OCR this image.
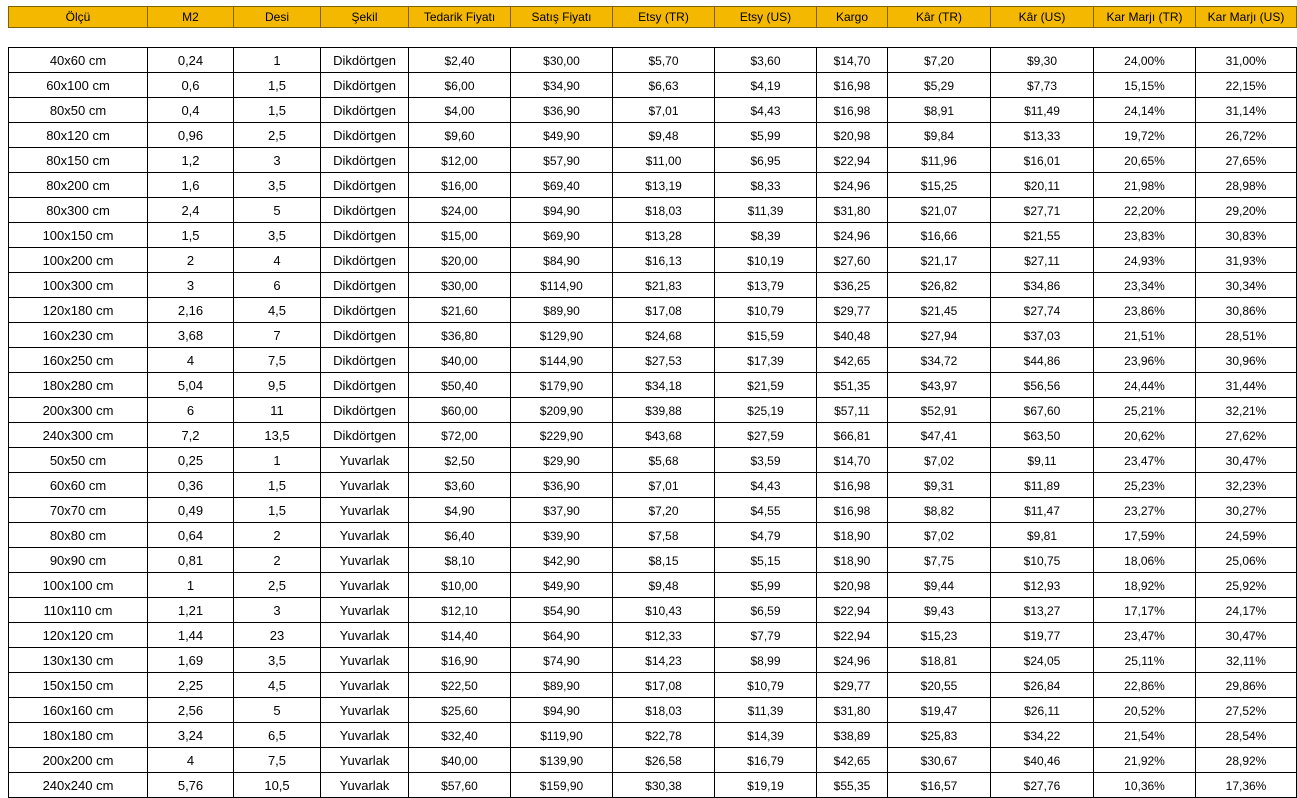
Ölçü	M2	Desi	Şekil	Tedarik Fiyatı	Satış Fiyatı	Etsy (TR)	Etsy (US)	Kargo	Kâr (TR)	Kâr (US)	Kar Marjı (TR)	Kar Marjı (US)
40x60 cm	0,24	1	Dikdörtgen	$2,40	$30,00	$5,70	$3,60	$14,70	$7,20	$9,30	24,00%	31,00%
60x100 cm	0,6	1,5	Dikdörtgen	$6,00	$34,90	$6,63	$4,19	$16,98	$5,29	$7,73	15,15%	22,15%
80x50 cm	0,4	1,5	Dikdörtgen	$4,00	$36,90	$7,01	$4,43	$16,98	$8,91	$11,49	24,14%	31,14%
80x120 cm	0,96	2,5	Dikdörtgen	$9,60	$49,90	$9,48	$5,99	$20,98	$9,84	$13,33	19,72%	26,72%
80x150 cm	1,2	3	Dikdörtgen	$12,00	$57,90	$11,00	$6,95	$22,94	$11,96	$16,01	20,65%	27,65%
80x200 cm	1,6	3,5	Dikdörtgen	$16,00	$69,40	$13,19	$8,33	$24,96	$15,25	$20,11	21,98%	28,98%
80x300 cm	2,4	5	Dikdörtgen	$24,00	$94,90	$18,03	$11,39	$31,80	$21,07	$27,71	22,20%	29,20%
100x150 cm	1,5	3,5	Dikdörtgen	$15,00	$69,90	$13,28	$8,39	$24,96	$16,66	$21,55	23,83%	30,83%
100x200 cm	2	4	Dikdörtgen	$20,00	$84,90	$16,13	$10,19	$27,60	$21,17	$27,11	24,93%	31,93%
100x300 cm	3	6	Dikdörtgen	$30,00	$114,90	$21,83	$13,79	$36,25	$26,82	$34,86	23,34%	30,34%
120x180 cm	2,16	4,5	Dikdörtgen	$21,60	$89,90	$17,08	$10,79	$29,77	$21,45	$27,74	23,86%	30,86%
160x230 cm	3,68	7	Dikdörtgen	$36,80	$129,90	$24,68	$15,59	$40,48	$27,94	$37,03	21,51%	28,51%
160x250 cm	4	7,5	Dikdörtgen	$40,00	$144,90	$27,53	$17,39	$42,65	$34,72	$44,86	23,96%	30,96%
180x280 cm	5,04	9,5	Dikdörtgen	$50,40	$179,90	$34,18	$21,59	$51,35	$43,97	$56,56	24,44%	31,44%
200x300 cm	6	11	Dikdörtgen	$60,00	$209,90	$39,88	$25,19	$57,11	$52,91	$67,60	25,21%	32,21%
240x300 cm	7,2	13,5	Dikdörtgen	$72,00	$229,90	$43,68	$27,59	$66,81	$47,41	$63,50	20,62%	27,62%
50x50 cm	0,25	1	Yuvarlak	$2,50	$29,90	$5,68	$3,59	$14,70	$7,02	$9,11	23,47%	30,47%
60x60 cm	0,36	1,5	Yuvarlak	$3,60	$36,90	$7,01	$4,43	$16,98	$9,31	$11,89	25,23%	32,23%
70x70 cm	0,49	1,5	Yuvarlak	$4,90	$37,90	$7,20	$4,55	$16,98	$8,82	$11,47	23,27%	30,27%
80x80 cm	0,64	2	Yuvarlak	$6,40	$39,90	$7,58	$4,79	$18,90	$7,02	$9,81	17,59%	24,59%
90x90 cm	0,81	2	Yuvarlak	$8,10	$42,90	$8,15	$5,15	$18,90	$7,75	$10,75	18,06%	25,06%
100x100 cm	1	2,5	Yuvarlak	$10,00	$49,90	$9,48	$5,99	$20,98	$9,44	$12,93	18,92%	25,92%
110x110 cm	1,21	3	Yuvarlak	$12,10	$54,90	$10,43	$6,59	$22,94	$9,43	$13,27	17,17%	24,17%
120x120 cm	1,44	23	Yuvarlak	$14,40	$64,90	$12,33	$7,79	$22,94	$15,23	$19,77	23,47%	30,47%
130x130 cm	1,69	3,5	Yuvarlak	$16,90	$74,90	$14,23	$8,99	$24,96	$18,81	$24,05	25,11%	32,11%
150x150 cm	2,25	4,5	Yuvarlak	$22,50	$89,90	$17,08	$10,79	$29,77	$20,55	$26,84	22,86%	29,86%
160x160 cm	2,56	5	Yuvarlak	$25,60	$94,90	$18,03	$11,39	$31,80	$19,47	$26,11	20,52%	27,52%
180x180 cm	3,24	6,5	Yuvarlak	$32,40	$119,90	$22,78	$14,39	$38,89	$25,83	$34,22	21,54%	28,54%
200x200 cm	4	7,5	Yuvarlak	$40,00	$139,90	$26,58	$16,79	$42,65	$30,67	$40,46	21,92%	28,92%
240x240 cm	5,76	10,5	Yuvarlak	$57,60	$159,90	$30,38	$19,19	$55,35	$16,57	$27,76	10,36%	17,36%
